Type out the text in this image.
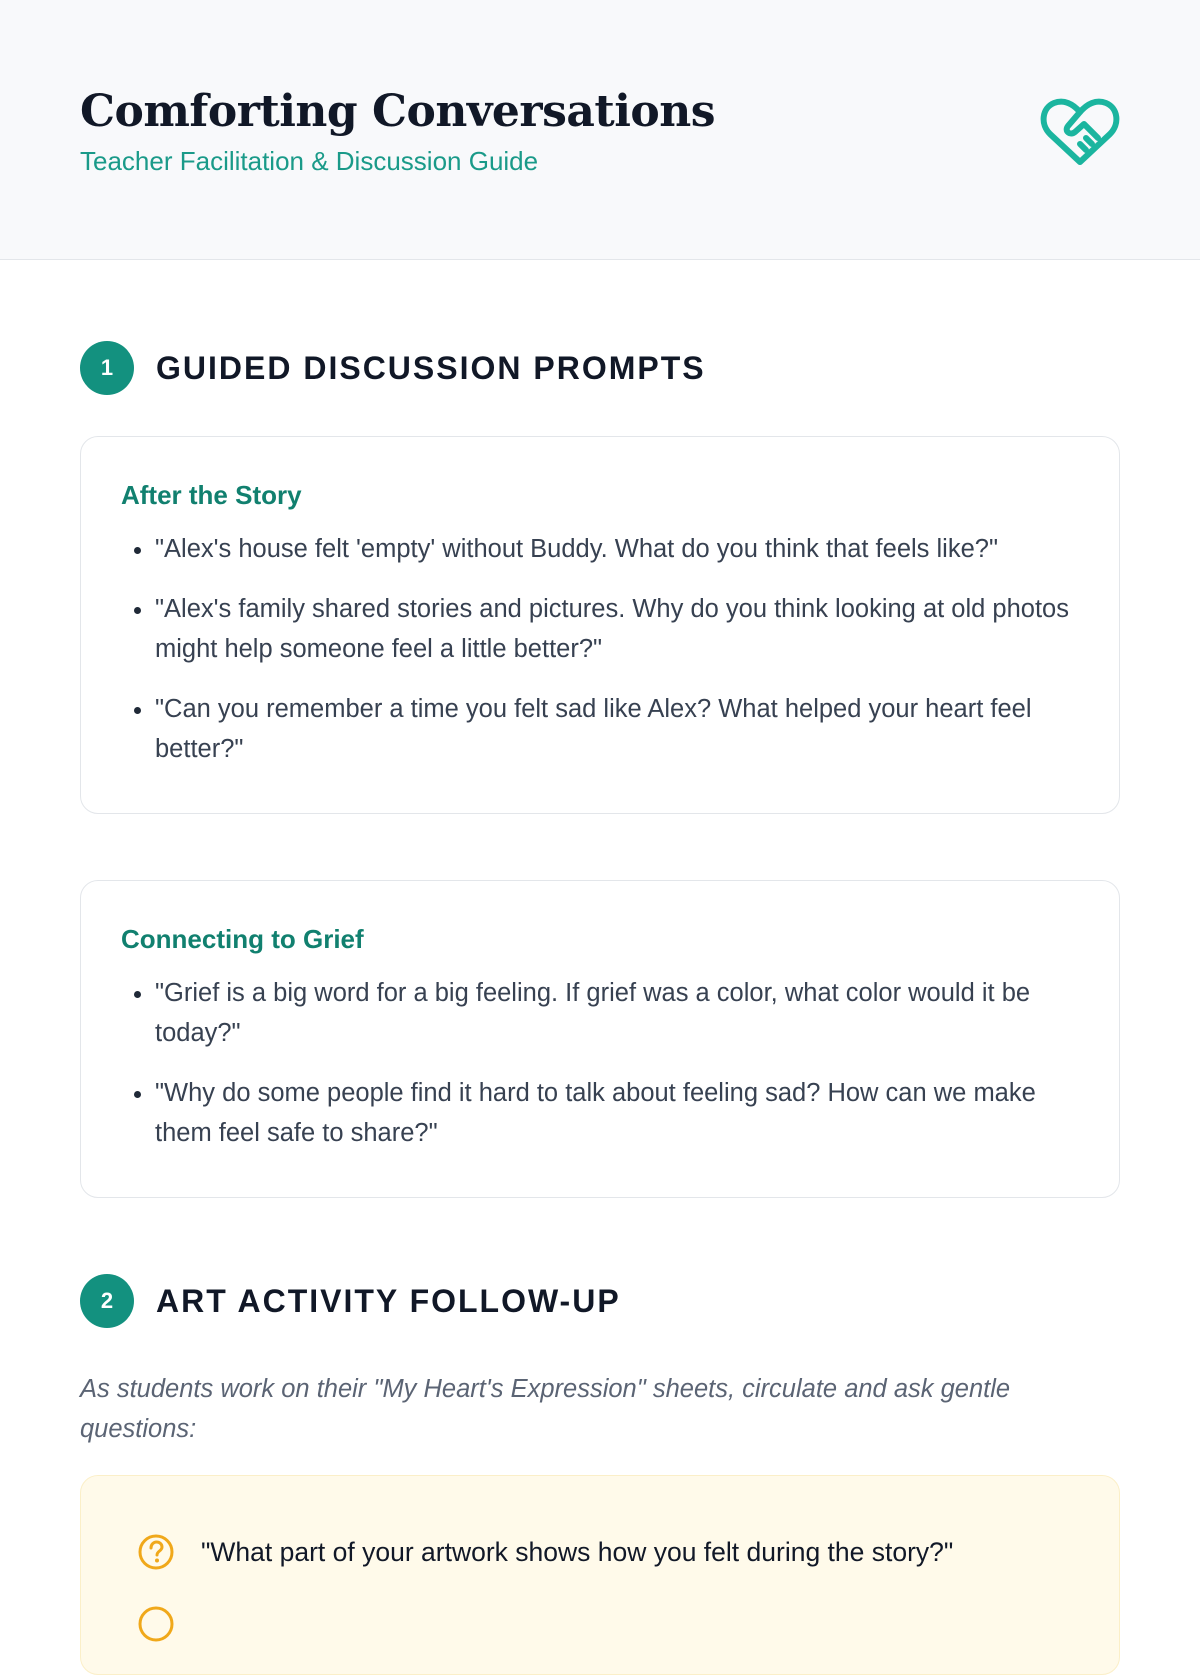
Comforting Conversations

Teacher Facilitation & Discussion Guide

1	GUIDED DISCUSSION PROMPTS
After the Story
• "Alex's house felt 'empty' without Buddy. What do you think that feels like?"
• "Alex's family shared stories and pictures. Why do you think looking at old photos might help someone feel a little better?"
• "Can you remember a time you felt sad like Alex? What helped your heart feel better?"
Connecting to Grief
• "Grief is a big word for a big feeling. If grief was a color, what color would it be today?"
• "Why do some people find it hard to talk about feeling sad? How can we make them feel safe to share?"
2	ART ACTIVITY FOLLOW-UP

As students work on their "My Heart's Expression" sheets, circulate and ask gentle questions:

"What part of your artwork shows how you felt during the story?"
